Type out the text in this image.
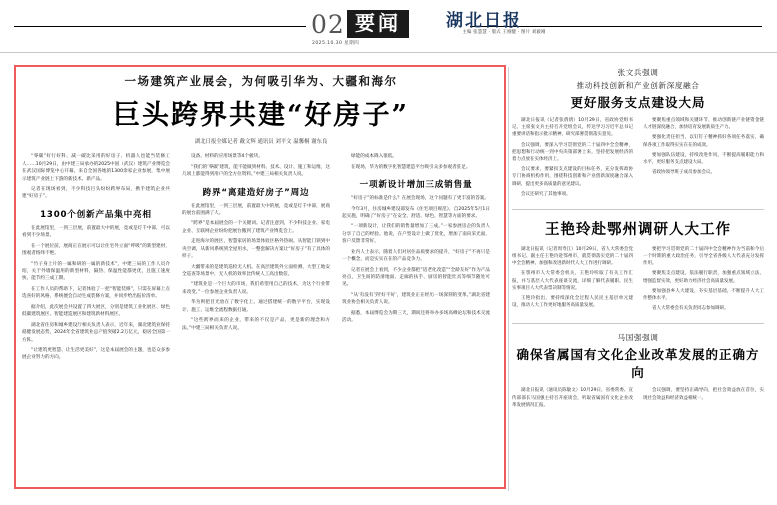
02 要闻
2025.10.30 星期四
湖北日报
主编 张慧慧 · 版式 王刚健 · 图片 刘毅刚
一场建筑产业展会，为何吸引华为、大疆和海尔
巨头跨界共建“好房子”
湖北日报全媒记者 戴文辉 通讯员 刘平文 温馨桐 谢东良

“零碳”好行好科、减一碳比采用的好房子、机器人也能当装修工人……10月29日，由中建三局承办的2025中国（武汉）建筑产业博览会在武汉国际博览中心开幕，来自全国各地的1300余家企业参展，集中展示建筑产业链上下游的新技术、新产品。

记者在现场看到，不少科技巨头纷纷跨界布局，携手建筑企业共建“好房子”。

1300个创新产品集中亮相

在此展馆里，一到三层展，前置最大中的展，竟或是灯千中部，可以看到不少场景。

在一个展位前，展商正在展示可以让住宅外立面“呼吸”的新型建材，围观者络绎不绝。

“竹子身上片的一属和研的一属的新技术”，中建三局的工作人员介绍，关于外墙保温用的新型材料，隔热、保温性能都更优，且施工速度快，能节约三成工期。

在工作人员的帮助下，记者体验了一把“智能装修”，只需在屏幕上点选喜好的风格，系统便会自动生成装修方案，并同步给出报价清单。

据介绍，此次展会共设置了四大展区，分别是建筑工业化展区、绿色低碳建筑展区、智能建造展区和建筑新材料展区。

湖北省住房和城乡建设厅相关负责人表示，近年来，湖北建筑业保持稳健发展态势，2024年全省建筑业总产值突破2.2万亿元，稳居全国第一方阵。

“让建筑更智慧、让生活更美好”，这是本届展会的主题，也是众多参展企业努力的方向。

设备、材料的应用场景等4个板块。

“我们的‘零碳’建筑，能不能做到材料、技术、设计、施工和运维，这几项上都能得到用户的全方位资料。”中建三局相关负责人说。

跨界“离建造好房子”周边

在此展馆里，一到三层展，前置最大中的展，竟或是灯千中部，展商的展台前围满了人。

“跨界”是本届展会的一个关键词。记者注意到，不少科技企业、家电企业、互联网企业纷纷把展台搬到了建筑产业博览会上。

走进海尔的展区，智慧家居的场景体验区格外热闹。从智能门锁到中央空调，从新风系统到全屋用水，一整套解决方案让“好房子”有了具体的样子。

大疆带来的是建筑巡检无人机。在高层建筑外立面检测、大型工地安全巡查等场景中，无人机的效率比传统人工高出数倍。

“建筑业是一个巨大的市场，我们希望用自己的技术，为这个行业带来改变。”一位参展企业负责人说。

华为则把目光放在了数字化上。通过搭建统一的数字平台，实现设计、施工、运维全流程数据打通。

“这些跨界而来的企业，带来的不仅是产品，更是新的理念和方法。”中建三局相关负责人说。

绿能的成本降入很低。

在现场，华为的数字化智慧建造平台吸引众多参观者驻足。

一项新设计增加三成销售量

“好房子”的标准是什么？在展会现场，这个问题有了更丰富的答案。

今年3月，住房城乡建设部发布《住宅项目规范》，自2025年5月1日起实施，明确了“好房子”在安全、舒适、绿色、智慧等方面的要求。

“一项新设计，让我们的销售量增加了三成。”一家参展房企的负责人分享了自己的经验。他说，在户型设计上做了优化，增加了南向采光面，客户反馈非常好。

业内人士表示，随着人们对居住品质要求的提升，“好房子”不再只是一个概念，而是实实在在的产品竞争力。

记者在展会上看到，不少企业都把“适老化改造”“全龄友好”作为产品亮点，卫生间的防滑地面、走廊的扶手、厨房的智能灶具等细节随处可见。

“从‘有没有’到‘好不好’，建筑业正在经历一场深刻的变革。”湖北省建筑业协会相关负责人说。

据悉，本届博览会为期三天，期间还将举办多场高峰论坛和技术交流活动。

张文兵强调
推动科技创新和产业创新深度融合
更好服务支点建设大局

湖北日报讯（记者张倩倩）10月29日，省政协党组书记、主席张文兵主持召开党组会议，传达学习习近平总书记重要讲话和指示批示精神，研究部署贯彻落实意见。

会议强调，要深入学习贯彻党的二十届四中全会精神，把思想和行动统一到中央决策部署上来，坚持把发展经济的着力点放在实体经济上。

会议要求，要紧扣支点建设的目标任务，充分发挥政协专门协商机构作用，围绕科技创新和产业创新深度融合深入调研，提出更多高质量的意见建议。

会议还研究了其他事项。

要聚焦重点领域和关键环节，推动创新链产业链资金链人才链深度融合，加快培育发展新质生产力。

要强化责任担当，以钉钉子精神抓好各项任务落实，确保各项工作取得实实在在的成效。

要加强队伍建设，持续改进作风，不断提高履职能力和水平，更好服务支点建设大局。

省政协领导班子成员参加会议。

王艳玲赴鄂州调研人大工作

湖北日报讯（记者周寿江）10月29日，省人大常委会党组书记、副主任王艳玲赴鄂州市，就贯彻落实党的二十届四中全会精神、加强和改进新时代人大工作进行调研。

在鄂州市人大常委会机关，王艳玲听取了有关工作汇报，并与基层人大代表座谈交流，详细了解代表履职、民生实事项目人大代表票决制等情况。

王艳玲指出，要持续深化全过程人民民主基层单元建设，推动人大工作更好地服务高质量发展。

要把学习贯彻党的二十届四中全会精神作为当前和今后一个时期的重大政治任务，引导全省各级人大代表充分发挥作用。

要聚焦支点建设，依法履行职责，加强重点领域立法，增强监督实效，更好助力经济社会高质量发展。

要加强县乡人大建设，夯实基层基础，不断提升人大工作整体水平。

省人大常委会有关负责同志参加调研。

马国强强调
确保省属国有文化企业改革发展的正确方向

湖北日报讯（通讯员陈敏文）10月29日，省委常委、宣传部部长马国强主持召开座谈会，听取省属国有文化企业改革发展情况汇报。

会议强调，要坚持正确导向，把社会效益放在首位，实现社会效益和经济效益相统一。
